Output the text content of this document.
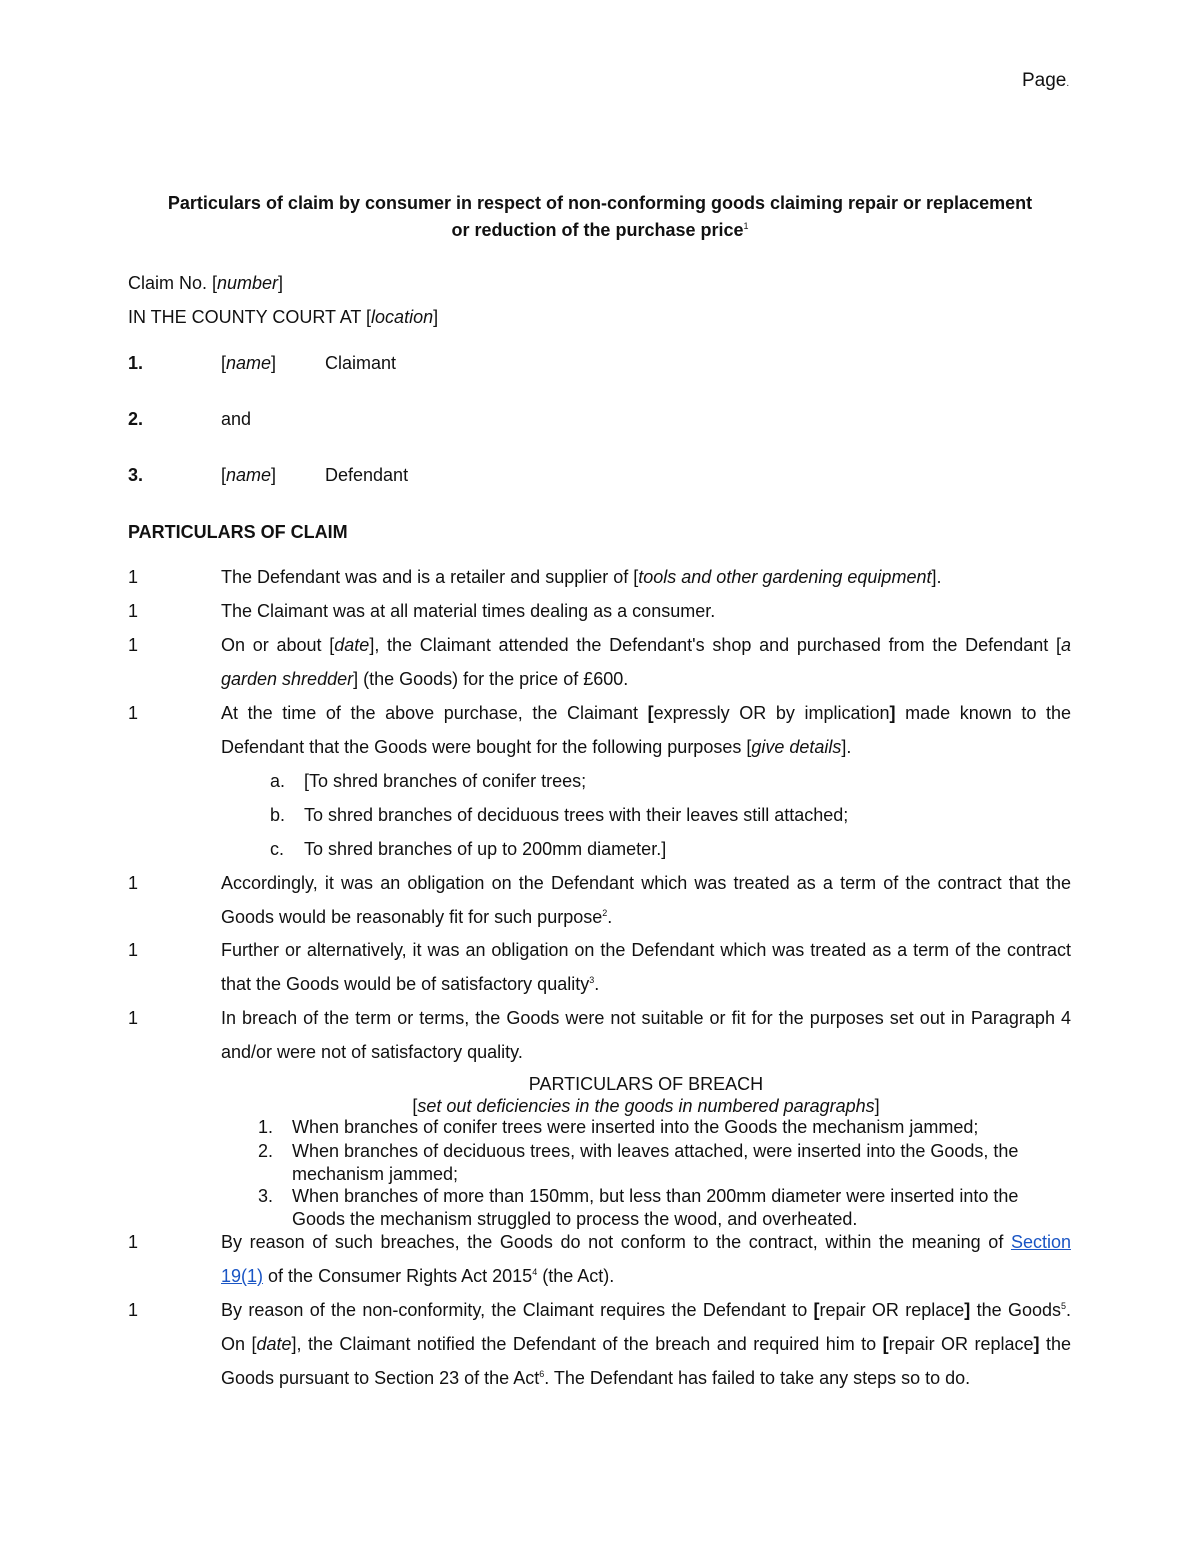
Page.
Particulars of claim by consumer in respect of non-conforming goods claiming repair or replacement
or reduction of the purchase price$^1$
Claim No. [number]
IN THE COUNTY COURT AT [location]
1.	[name]	Claimant
2.	and
3.	[name]	Defendant
PARTICULARS OF CLAIM
1	The Defendant was and is a retailer and supplier of [tools and other gardening equipment].
1	The Claimant was at all material times dealing as a consumer.
1	On or about [date], the Claimant attended the Defendant's shop and purchased from the Defendant [a garden shredder] (the Goods) for the price of £600.
1	At the time of the above purchase, the Claimant [expressly OR by implication] made known to the Defendant that the Goods were bought for the following purposes [give details].
a. [To shred branches of conifer trees;
b. To shred branches of deciduous trees with their leaves still attached;
c. To shred branches of up to 200mm diameter.]
1	Accordingly, it was an obligation on the Defendant which was treated as a term of the contract that the Goods would be reasonably fit for such purpose$^2$.
1	Further or alternatively, it was an obligation on the Defendant which was treated as a term of the contract that the Goods would be of satisfactory quality$^3$.
1	In breach of the term or terms, the Goods were not suitable or fit for the purposes set out in Paragraph 4 and/or were not of satisfactory quality.
PARTICULARS OF BREACH
[set out deficiencies in the goods in numbered paragraphs]
1. When branches of conifer trees were inserted into the Goods the mechanism jammed;
2. When branches of deciduous trees, with leaves attached, were inserted into the Goods, the mechanism jammed;
3. When branches of more than 150mm, but less than 200mm diameter were inserted into the Goods the mechanism struggled to process the wood, and overheated.
1	By reason of such breaches, the Goods do not conform to the contract, within the meaning of Section 19(1) of the Consumer Rights Act 2015$^4$ (the Act).
1	By reason of the non-conformity, the Claimant requires the Defendant to [repair OR replace] the Goods$^5$. On [date], the Claimant notified the Defendant of the breach and required him to [repair OR replace] the Goods pursuant to Section 23 of the Act$^6$. The Defendant has failed to take any steps so to do.
